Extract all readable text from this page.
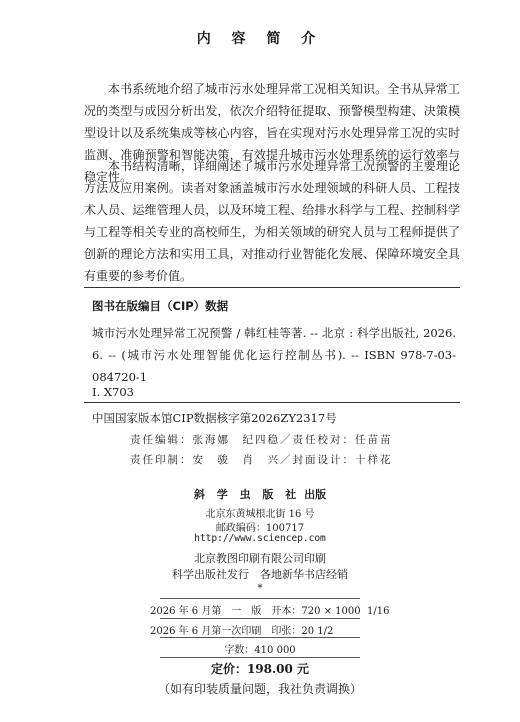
内 容 简 介

本书系统地介绍了城市污水处理异常工况相关知识。全书从异常工况的类型与成因分析出发，依次介绍特征提取、预警模型构建、决策模型设计以及系统集成等核心内容，旨在实现对污水处理异常工况的实时监测、准确预警和智能决策，有效提升城市污水处理系统的运行效率与稳定性。

本书结构清晰，详细阐述了城市污水处理异常工况预警的主要理论方法及应用案例。读者对象涵盖城市污水处理领域的科研人员、工程技术人员、运维管理人员，以及环境工程、给排水科学与工程、控制科学与工程等相关专业的高校师生，为相关领域的研究人员与工程师提供了创新的理论方法和实用工具，对推动行业智能化发展、保障环境安全具有重要的参考价值。

图书在版编目（CIP）数据

城市污水处理异常工况预警 / 韩红桂等著. -- 北京 : 科学出版社, 2026. 6. -- (城市污水处理智能优化运行控制丛书). -- ISBN 978-7-03-084720-1

Ⅰ. X703
中国国家版本馆CIP数据核字第2026ZY2317号
责任编辑：张海娜　纪四稳／责任校对：任苗苗
责任印制：安　骏　肖　兴／封面设计：十样花
斜 学 虫 版 社 出版
北京东黄城根北街 16 号
邮政编码：100717
http://www.sciencep.com
北京教图印刷有限公司印刷
科学出版社发行　各地新华书店经销
*
2026 年 6 月第　一　版　开本：720 × 1000  1/16
2026 年 6 月第一次印刷　印张：20 1/2
字数：410 000
定价：198.00 元
（如有印装质量问题，我社负责调换）
